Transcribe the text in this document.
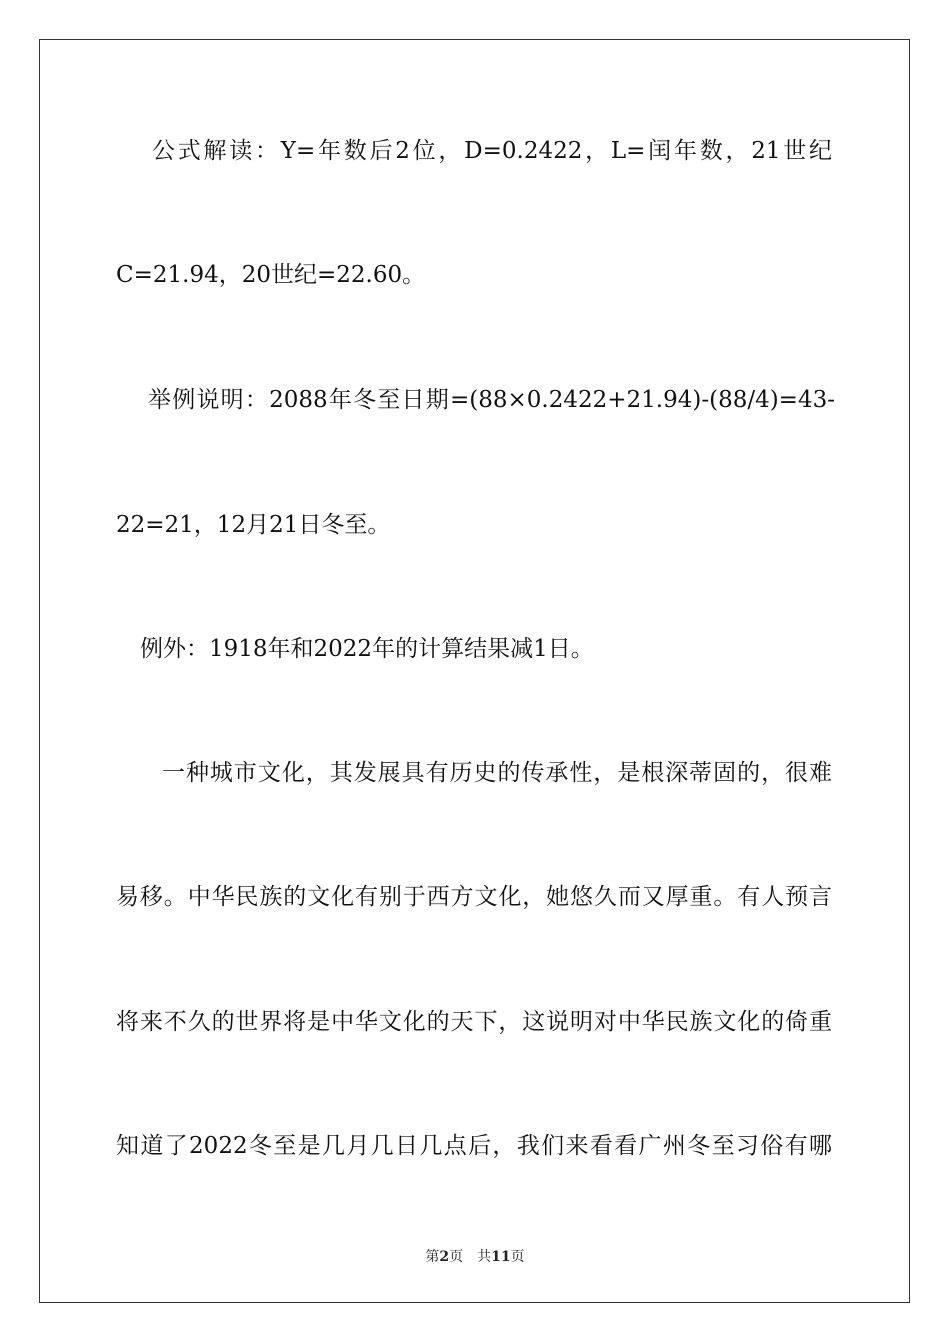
公式解读：Y=年数后2位，D=0.2422，L=闰年数，21世纪
C=21.94，20世纪=22.60。
举例说明：2088年冬至日期=(88×0.2422+21.94)-(88/4)=43-
22=21，12月21日冬至。
例外：1918年和2022年的计算结果减1日。
一种城市文化，其发展具有历史的传承性，是根深蒂固的，很难
易移。中华民族的文化有别于西方文化，她悠久而又厚重。有人预言
将来不久的世界将是中华文化的天下，这说明对中华民族文化的倚重
知道了2022冬至是几月几日几点后，我们来看看广州冬至习俗有哪
第2页 共11页
